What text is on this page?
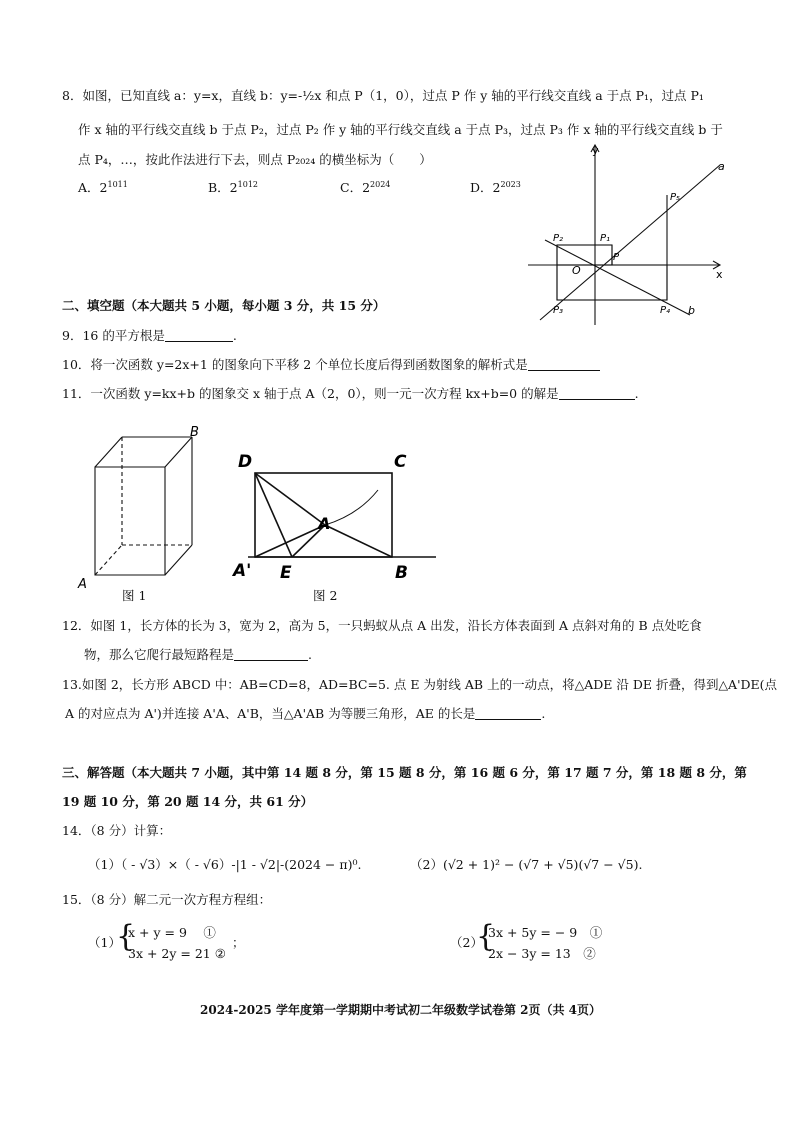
8．如图，已知直线 a：y=x，直线 b：y=-½x 和点 P（1，0），过点 P 作 y 轴的平行线交直线 a 于点 P₁，过点 P₁
作 x 轴的平行线交直线 b 于点 P₂，过点 P₂ 作 y 轴的平行线交直线 a 于点 P₃，过点 P₃ 作 x 轴的平行线交直线 b 于
点 P₄，…，按此作法进行下去，则点 P₂₀₂₄ 的横坐标为（　　）
A．$2^{1011}$	B．$2^{1012}$	C．$2^{2024}$	D．$2^{2023}$
y
x
a
b
O
P
P₁
P₂
P₃	P₄
P₅
二、填空题（本大题共 5 小题，每小题 3 分，共 15 分）
9．16 的平方根是	.
10．将一次函数 y=2x+1 的图象向下平移 2 个单位长度后得到函数图象的解析式是
11．一次函数 y=kx+b 的图象交 x 轴于点 A（2，0），则一元一次方程 kx+b=0 的解是	.
A
B
图 1
D	C
A
A' E	B
图 2
12．如图 1，长方体的长为 3，宽为 2，高为 5，一只蚂蚁从点 A 出发，沿长方体表面到 A 点斜对角的 B 点处吃食
物，那么它爬行最短路程是	.
13.如图 2，长方形 ABCD 中：AB=CD=8，AD=BC=5. 点 E 为射线 AB 上的一动点，将△ADE 沿 DE 折叠，得到△A'DE(点
A 的对应点为 A')并连接 A'A、A'B，当△A'AB 为等腰三角形，AE 的长是	.
三、解答题（本大题共 7 小题，其中第 14 题 8 分，第 15 题 8 分，第 16 题 6 分，第 17 题 7 分，第 18 题 8 分，第
19 题 10 分，第 20 题 14 分，共 61 分）
14．（8 分）计算：
（1）（ - √3）×（ - √6）-|1 - √2|-(2024 − π)⁰.	（2）(√2 + 1)² − (√7 + √5)(√7 − √5).
15．（8 分）解二元一次方程方程组：
（1）
{
x + y = 9　 ①
3x + 2y = 21 ②
；	（2）
{
3x + 5y = − 9　①
2x − 3y = 13　②
2024-2025 学年度第一学期期中考试初二年级数学试卷第 2页（共 4页）
